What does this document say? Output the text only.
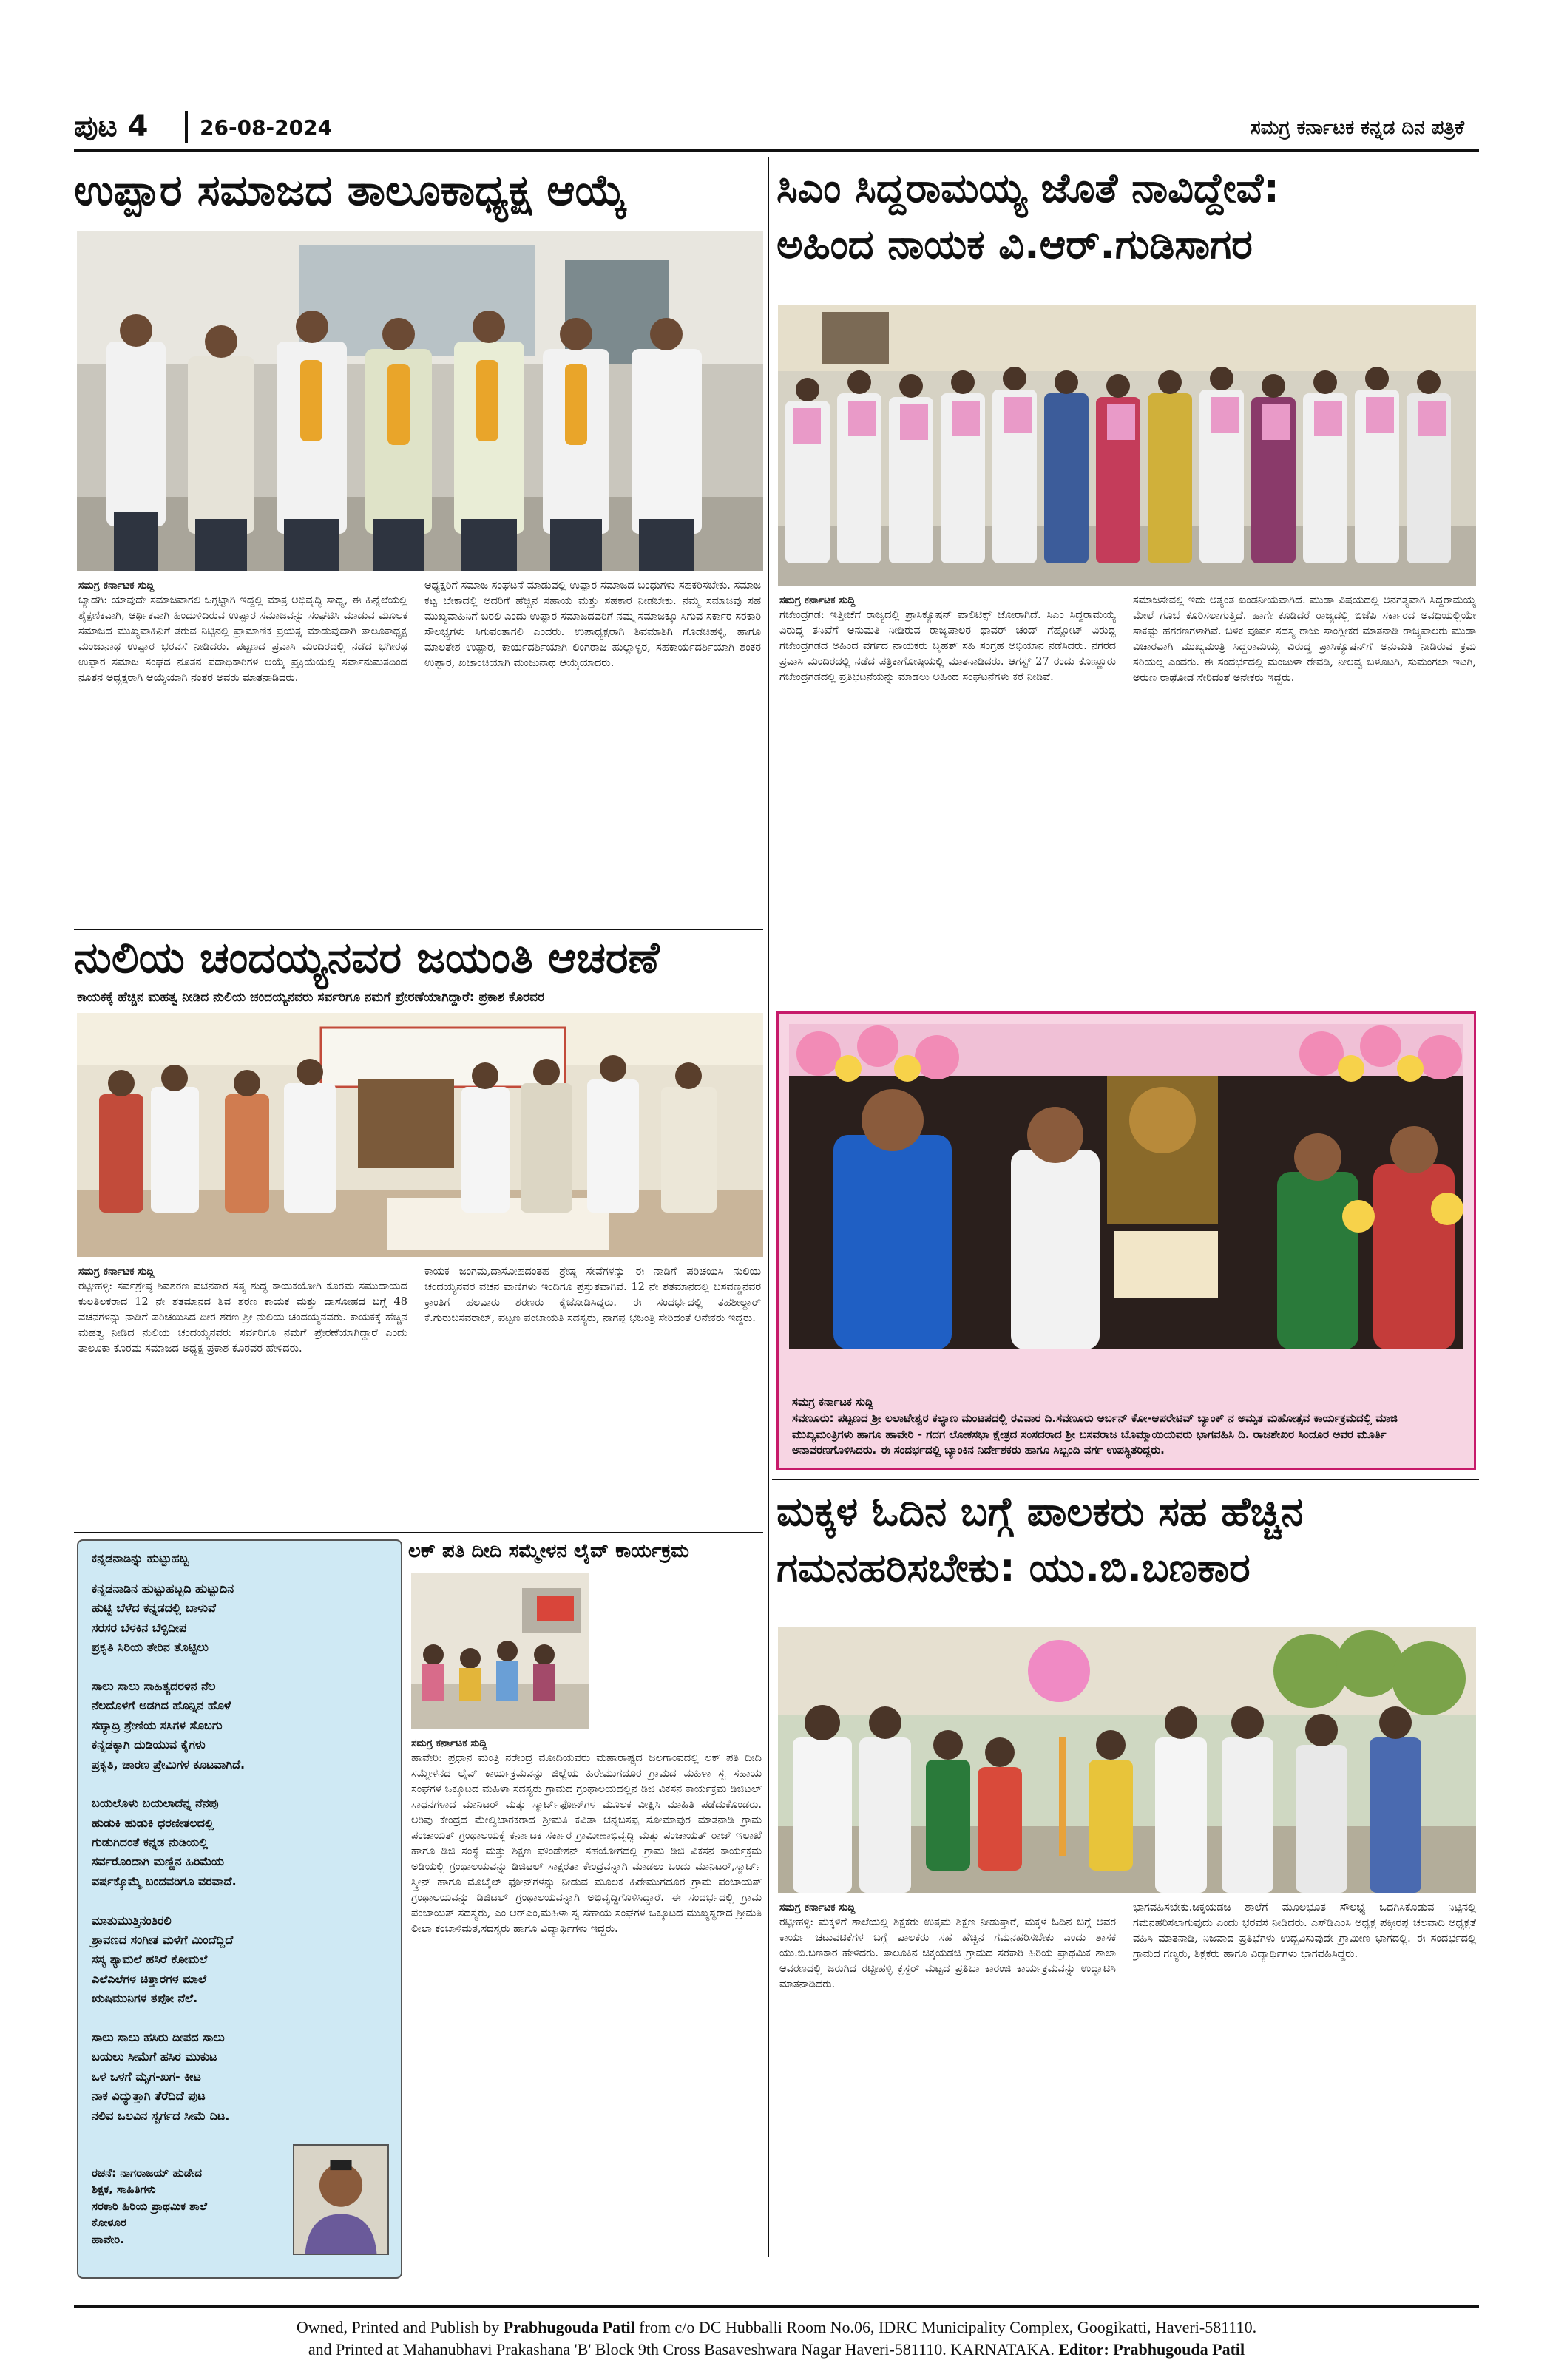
ಪುಟ 4 26-08-2024	ಸಮಗ್ರ ಕರ್ನಾಟಕ ಕನ್ನಡ ದಿನ ಪತ್ರಿಕೆ
ಉಪ್ಪಾರ ಸಮಾಜದ ತಾಲೂಕಾಧ್ಯಕ್ಷ ಆಯ್ಕೆ
ಸಮಗ್ರ ಕರ್ನಾಟಕ ಸುದ್ದಿ

ಬ್ಯಾಡಗಿ: ಯಾವುದೇ ಸಮಾಜವಾಗಲಿ ಒಗ್ಗಟ್ಟಾಗಿ ಇದ್ದಲ್ಲಿ ಮಾತ್ರ ಅಭಿವೃದ್ಧಿ ಸಾಧ್ಯ, ಈ ಹಿನ್ನೆಲೆಯಲ್ಲಿ ಶೈಕ್ಷಣಿಕವಾಗಿ, ಆರ್ಥಿಕವಾಗಿ ಹಿಂದುಳಿದಿರುವ ಉಪ್ಪಾರ ಸಮಾಜವನ್ನು ಸಂಘಟಿಸಿ ಮಾಡುವ ಮೂಲಕ ಸಮಾಜದ ಮುಖ್ಯವಾಹಿನಿಗೆ ತರುವ ನಿಟ್ಟಿನಲ್ಲಿ ಪ್ರಾಮಾಣಿಕ ಪ್ರಯತ್ನ ಮಾಡುವುದಾಗಿ ತಾಲೂಕಾಧ್ಯಕ್ಷ ಮಂಜುನಾಥ ಉಪ್ಪಾರ ಭರವಸೆ ನೀಡಿದರು. ಪಟ್ಟಣದ ಪ್ರವಾಸಿ ಮಂದಿರದಲ್ಲಿ ನಡೆದ ಭಗೀರಥ ಉಪ್ಪಾರ ಸಮಾಜ ಸಂಘದ ನೂತನ ಪದಾಧಿಕಾರಿಗಳ ಆಯ್ಕೆ ಪ್ರಕ್ರಿಯೆಯಲ್ಲಿ ಸರ್ವಾನುಮತದಿಂದ ನೂತನ ಅಧ್ಯಕ್ಷರಾಗಿ ಆಯ್ಕೆಯಾಗಿ ನಂತರ ಅವರು ಮಾತನಾಡಿದರು.

ಅಧ್ಯಕ್ಷರಿಗೆ ಸಮಾಜ ಸಂಘಟನೆ ಮಾಡುವಲ್ಲಿ ಉಪ್ಪಾರ ಸಮಾಜದ ಬಂಧುಗಳು ಸಹಕರಿಸಬೇಕು. ಸಮಾಜ ಕಟ್ಟ ಬೇಕಾದಲ್ಲಿ ಅದರಿಗೆ ಹೆಚ್ಚಿನ ಸಹಾಯ ಮತ್ತು ಸಹಕಾರ ನೀಡಬೇಕು. ನಮ್ಮ ಸಮಾಜವು ಸಹ ಮುಖ್ಯವಾಹಿನಿಗೆ ಬರಲಿ ಎಂದು ಉಪ್ಪಾರ ಸಮಾಜದವರಿಗೆ ನಮ್ಮ ಸಮಾಜಕ್ಕೂ ಸಿಗುವ ಸರ್ಕಾರ ಸರಕಾರಿ ಸೌಲಭ್ಯಗಳು ಸಿಗುವಂತಾಗಲಿ ಎಂದರು. ಉಪಾಧ್ಯಕ್ಷರಾಗಿ ಶಿವಮಾಶಿಗಿ ಗೊಡಚಿಹಳ್ಳಿ, ಹಾಗೂ ಮಾಲತೇಶ ಉಪ್ಪಾರ, ಕಾರ್ಯದರ್ಶಿಯಾಗಿ ಲಿಂಗರಾಜ ಹುಲ್ಲಾಳ್ಳರ, ಸಹಕಾರ್ಯದರ್ಶಿಯಾಗಿ ಶಂಕರ ಉಪ್ಪಾರ, ಖಜಾಂಚಿಯಾಗಿ ಮಂಜುನಾಥ ಆಯ್ಕೆಯಾದರು.

ನುಲಿಯ ಚಂದಯ್ಯನವರ ಜಯಂತಿ ಆಚರಣೆ
ಕಾಯಕಕ್ಕೆ ಹೆಚ್ಚಿನ ಮಹತ್ವ ನೀಡಿದ ನುಲಿಯ ಚಂದಯ್ಯನವರು ಸರ್ವರಿಗೂ ನಮಗೆ ಪ್ರೇರಣೆಯಾಗಿದ್ದಾರೆ: ಪ್ರಕಾಶ ಕೊರವರ
ಸಮಗ್ರ ಕರ್ನಾಟಕ ಸುದ್ದಿ

ರಟ್ಟೀಹಳ್ಳಿ: ಸರ್ವಶ್ರೇಷ್ಠ ಶಿವಶರಣ ವಚನಕಾರ ಸತ್ಯ ಶುದ್ಧ ಕಾಯಕಯೋಗಿ ಕೊರಮ ಸಮುದಾಯದ ಕುಲತಿಲಕರಾದ 12 ನೇ ಶತಮಾನದ ಶಿವ ಶರಣ ಕಾಯಕ ಮತ್ತು ದಾಸೋಹದ ಬಗ್ಗೆ 48 ವಚನಗಳನ್ನು ನಾಡಿಗೆ ಪರಿಚಯಿಸಿದ ದೀರ ಶರಣ ಶ್ರೀ ನುಲಿಯ ಚಂದಯ್ಯನವರು. ಕಾಯಕಕ್ಕೆ ಹೆಚ್ಚಿನ ಮಹತ್ವ ನೀಡಿದ ನುಲಿಯ ಚಂದಯ್ಯನವರು ಸರ್ವರಿಗೂ ನಮಗೆ ಪ್ರೇರಣೆಯಾಗಿದ್ದಾರೆ ಎಂದು ತಾಲೂಕಾ ಕೊರಮ ಸಮಾಜದ ಅಧ್ಯಕ್ಷ ಪ್ರಕಾಶ ಕೊರವರ ಹೇಳಿದರು.

ಕಾಯಕ ಜಂಗಮ,ದಾಸೋಹದಂತಹ ಶ್ರೇಷ್ಠ ಸೇವೆಗಳನ್ನು ಈ ನಾಡಿಗೆ ಪರಿಚಯಿಸಿ ನುಲಿಯ ಚಂದಯ್ಯನವರ ವಚನ ವಾಣಿಗಳು ಇಂದಿಗೂ ಪ್ರಸ್ತುತವಾಗಿವೆ. 12 ನೇ ಶತಮಾನದಲ್ಲಿ ಬಸವಣ್ಣನವರ ಕ್ರಾಂತಿಗೆ ಹಲವಾರು ಶರಣರು ಕೈಜೋಡಿಸಿದ್ದರು. ಈ ಸಂದರ್ಭದಲ್ಲಿ ತಹಶೀಲ್ದಾರ್ ಕೆ.ಗುರುಬಸವರಾಜ್, ಪಟ್ಟಣ ಪಂಚಾಯತಿ ಸದಸ್ಯರು, ನಾಗಪ್ಪ ಭಜಂತ್ರಿ ಸೇರಿದಂತೆ ಅನೇಕರು ಇದ್ದರು.

ಕನ್ನಡನಾಡಿನ್ನು ಹುಟ್ಟುಹಬ್ಬ
ಕನ್ನಡನಾಡಿನ ಹುಟ್ಟುಹಬ್ಬದಿ ಹುಟ್ಟುದಿನ
ಹುಟ್ಟಿ ಬೆಳೆದ ಕನ್ನಡದಲ್ಲಿ ಬಾಳುವೆ
ಸರಸರ ಬೆಳಕಿನ ಬೆಳ್ಳಿದೀಪ
ಪ್ರಕೃತಿ ಸಿರಿಯ ತೇರಿನ ತೊಟ್ಟಿಲು

ಸಾಲು ಸಾಲು ಸಾಹಿತ್ಯದರಳಿನ ನೆಲ
ನೆಲದೊಳಗೆ ಅಡಗಿದ ಹೊನ್ನಿನ ಹೊಳೆ
ಸಹ್ಯಾದ್ರಿ ಶ್ರೇಣಿಯ ಸಸಿಗಳ ಸೊಬಗು
ಕನ್ನಡಕ್ಕಾಗಿ ದುಡಿಯುವ ಕೈಗಳು
ಪ್ರಕೃತಿ, ಚಾರಣ ಪ್ರೇಮಿಗಳ ಕೂಟವಾಗಿದೆ.

ಬಯಲೊಳು ಬಯಲಾದೆನ್ನ ನೆನಪು
ಹುಡುಕಿ ಹುಡುಕಿ ಧರಣೀತಲದಲ್ಲಿ
ಗುಡುಗಿದಂತೆ ಕನ್ನಡ ನುಡಿಯಲ್ಲಿ
ಸರ್ವರೊಂದಾಗಿ ಮಣ್ಣಿನ ಹಿರಿಮೆಯ
ವರ್ಷಕ್ಕೊಮ್ಮೆ ಬಂದವರಿಗೂ ವರವಾದೆ.

ಮಾತುಮುತ್ತಿನಂತಿರಲಿ
ಶ್ರಾವಣದ ಸಂಗೀತ ಮಳೆಗೆ ಮಿಂದೆದ್ದಿದೆ
ಸಸ್ಯ ಶ್ಯಾಮಲೆ ಹಸಿರೆ ಕೋಮಲೆ
ಎಲೆಎಲೆಗಳ ಚಿತ್ತಾರಗಳ ಮಾಲೆ
ಋಷಿಮುನಿಗಳ ತಪೋ ನೆಲೆ.

ಸಾಲು ಸಾಲು ಹಸಿರು ದೀಪದ ಸಾಲು
ಬಯಲು ಸೀಮೆಗೆ ಹಸಿರ ಮುಕುಟ
ಒಳ ಒಳಗೆ ಮೃಗ-ಖಗ- ಕೀಟ
ನಾಕ ವಿದ್ಯುತ್ತಾಗಿ ತೆರೆದಿದೆ ಪುಟ
ನಲಿವ ಒಲವಿನ ಸ್ವರ್ಗದ ಸೀಮೆ ದಿಟ.
ರಚನೆ: ನಾಗರಾಜಯ್ ಹುಡೇದ
ಶಿಕ್ಷಕ, ಸಾಹಿತಿಗಳು
ಸರಕಾರಿ ಹಿರಿಯ ಪ್ರಾಥಮಿಕ ಶಾಲೆ
ಕೋಳೂರ
ಹಾವೇರಿ.
ಲಕ್ ಪತಿ ದೀದಿ ಸಮ್ಮೇಳನ ಲೈವ್ ಕಾರ್ಯಕ್ರಮ
ಸಮಗ್ರ ಕರ್ನಾಟಕ ಸುದ್ದಿ

ಹಾವೇರಿ: ಪ್ರಧಾನ ಮಂತ್ರಿ ನರೇಂದ್ರ ಮೋದಿಯವರು ಮಹಾರಾಷ್ಟ್ರದ ಜಲಗಾಂವದಲ್ಲಿ ಲಕ್ ಪತಿ ದೀದಿ ಸಮ್ಮೇಳನದ ಲೈವ್ ಕಾರ್ಯಕ್ರಮವನ್ನು ಜಿಲ್ಲೆಯ ಹಿರೇಮುಗದೂರ ಗ್ರಾಮದ ಮಹಿಳಾ ಸ್ವ ಸಹಾಯ ಸಂಘಗಳ ಒಕ್ಕೂಟದ ಮಹಿಳಾ ಸದಸ್ಯರು ಗ್ರಾಮದ ಗ್ರಂಥಾಲಯದಲ್ಲಿನ ಡಿಜಿ ವಿಕಸನ ಕಾರ್ಯಕ್ರಮ ಡಿಜಿಟಲ್ ಸಾಧನಗಳಾದ ಮಾನಿಟರ್ ಮತ್ತು ಸ್ಮಾರ್ಟ್‌ಫೋನ್‌ಗಳ ಮೂಲಕ ವೀಕ್ಷಿಸಿ ಮಾಹಿತಿ ಪಡೆದುಕೊಂಡರು. ಅರಿವು ಕೇಂದ್ರದ ಮೇಲ್ವಿಚಾರಕರಾದ ಶ್ರೀಮತಿ ಕವಿತಾ ಚನ್ನಬಸಪ್ಪ ಸೋಮಾಪುರ ಮಾತನಾಡಿ ಗ್ರಾಮ ಪಂಚಾಯತ್ ಗ್ರಂಥಾಲಯಕ್ಕೆ ಕರ್ನಾಟಕ ಸರ್ಕಾರ ಗ್ರಾಮೀಣಾಭಿವೃದ್ಧಿ ಮತ್ತು ಪಂಚಾಯತ್ ರಾಜ್ ಇಲಾಖೆ ಹಾಗೂ ಡಿಜಿ ಸಂಸ್ಥೆ ಮತ್ತು ಶಿಕ್ಷಣ ಫೌಂಡೇಶನ್ ಸಹಯೋಗದಲ್ಲಿ ಗ್ರಾಮ ಡಿಜಿ ವಿಕಸನ ಕಾರ್ಯಕ್ರಮ ಅಡಿಯಲ್ಲಿ ಗ್ರಂಥಾಲಯವನ್ನು ಡಿಜಿಟಲ್ ಸಾಕ್ಷರತಾ ಕೇಂದ್ರವನ್ನಾಗಿ ಮಾಡಲು ಒಂದು ಮಾನಿಟರ್,ಸ್ಮಾರ್ಟ್ ಸ್ಕ್ರೀನ್ ಹಾಗೂ ಮೊಬೈಲ್ ಫೋನ್‌ಗಳನ್ನು ನೀಡುವ ಮೂಲಕ ಹಿರೇಮುಗದೂರ ಗ್ರಾಮ ಪಂಚಾಯತ್ ಗ್ರಂಥಾಲಯವನ್ನು ಡಿಜಿಟಲ್ ಗ್ರಂಥಾಲಯವನ್ನಾಗಿ ಅಭಿವೃದ್ಧಿಗೊಳಿಸಿದ್ದಾರೆ. ಈ ಸಂದರ್ಭದಲ್ಲಿ ಗ್ರಾಮ ಪಂಚಾಯತ್ ಸದಸ್ಯರು, ಎಂ ಆರ್‌ಎಂ,ಮಹಿಳಾ ಸ್ವ ಸಹಾಯ ಸಂಘಗಳ ಒಕ್ಕೂಟದ ಮುಖ್ಯಸ್ಥರಾದ ಶ್ರೀಮತಿ ಲೀಲಾ ಕಂಬಾಳಿಮಠ,ಸದಸ್ಯರು ಹಾಗೂ ವಿದ್ಯಾರ್ಥಿಗಳು ಇದ್ದರು.

ಸಿಎಂ ಸಿದ್ದರಾಮಯ್ಯ ಜೊತೆ ನಾವಿದ್ದೇವೆ:
ಅಹಿಂದ ನಾಯಕ ವಿ.ಆರ್.ಗುಡಿಸಾಗರ
ಸಮಗ್ರ ಕರ್ನಾಟಕ ಸುದ್ದಿ

ಗಜೇಂದ್ರಗಡ: ಇತ್ತೀಚೆಗೆ ರಾಜ್ಯದಲ್ಲಿ ಪ್ರಾಸಿಕ್ಯೂಷನ್ ಪಾಲಿಟಿಕ್ಸ್ ಜೋರಾಗಿದೆ. ಸಿಎಂ ಸಿದ್ದರಾಮಯ್ಯ ವಿರುದ್ಧ ತನಿಖೆಗೆ ಅನುಮತಿ ನೀಡಿರುವ ರಾಜ್ಯಪಾಲರ ಥಾವರ್ ಚಂದ್ ಗೆಹ್ಲೋಟ್ ವಿರುದ್ಧ ಗಜೇಂದ್ರಗಡದ ಅಹಿಂದ ವರ್ಗದ ನಾಯಕರು ಬೃಹತ್ ಸಹಿ ಸಂಗ್ರಹ ಅಭಿಯಾನ ನಡೆಸಿದರು. ನಗರದ ಪ್ರವಾಸಿ ಮಂದಿರದಲ್ಲಿ ನಡೆದ ಪತ್ರಿಕಾಗೋಷ್ಠಿಯಲ್ಲಿ ಮಾತನಾಡಿದರು. ಆಗಸ್ಟ್ 27 ರಂದು ಕೊಣ್ಣೂರು ಗಜೇಂದ್ರಗಡದಲ್ಲಿ ಪ್ರತಿಭಟನೆಯನ್ನು ಮಾಡಲು ಅಹಿಂದ ಸಂಘಟನೆಗಳು ಕರೆ ನೀಡಿವೆ.

ಸಮಾಜಸೇವಲ್ಲಿ ಇದು ಅತ್ಯಂತ ಖಂಡನೀಯವಾಗಿದೆ. ಮುಡಾ ವಿಷಯದಲ್ಲಿ ಅನಗತ್ಯವಾಗಿ ಸಿದ್ದರಾಮಯ್ಯ ಮೇಲೆ ಗೂಬೆ ಕೂರಿಸಲಾಗುತ್ತಿದೆ. ಹಾಗೇ ಕೂಡಿದರೆ ರಾಜ್ಯದಲ್ಲಿ ಬಿಜೆಪಿ ಸರ್ಕಾರದ ಅವಧಿಯಲ್ಲಿಯೇ ಸಾಕಷ್ಟು ಹಗರಣಗಳಾಗಿವೆ. ಬಳಿಕ ಪೂರ್ವ ಸದಸ್ಯ ರಾಜು ಸಾಂಗ್ಲೀಕರ ಮಾತನಾಡಿ ರಾಜ್ಯಪಾಲರು ಮುಡಾ ವಿಚಾರವಾಗಿ ಮುಖ್ಯಮಂತ್ರಿ ಸಿದ್ದರಾಮಯ್ಯ ವಿರುದ್ಧ ಪ್ರಾಸಿಕ್ಯೂಷನ್‌ಗೆ ಅನುಮತಿ ನೀಡಿರುವ ಕ್ರಮ ಸರಿಯಲ್ಲ ಎಂದರು. ಈ ಸಂದರ್ಭದಲ್ಲಿ ಮಂಜುಳಾ ರೇವಡಿ, ನೀಲವ್ವ ಬಳೂಟಗಿ, ಸುಮಂಗಲಾ ಇಟಗಿ, ಅರುಣ ರಾಥೋಡ ಸೇರಿದಂತೆ ಅನೇಕರು ಇದ್ದರು.

ಸಮಗ್ರ ಕರ್ನಾಟಕ ಸುದ್ದಿ
ಸವಣೂರು: ಪಟ್ಟಣದ ಶ್ರೀ ಲಲಾಟೇಶ್ವರ ಕಲ್ಯಾಣ ಮಂಟಪದಲ್ಲಿ ರವಿವಾರ ದಿ.ಸವಣೂರು ಅರ್ಬನ್ ಕೋ-ಆಪರೇಟಿವ್ ಬ್ಯಾಂಕ್ ನ ಅಮೃತ ಮಹೋತ್ಸವ ಕಾರ್ಯಕ್ರಮದಲ್ಲಿ ಮಾಜಿ ಮುಖ್ಯಮಂತ್ರಿಗಳು ಹಾಗೂ ಹಾವೇರಿ - ಗದಗ ಲೋಕಸಭಾ ಕ್ಷೇತ್ರದ ಸಂಸದರಾದ ಶ್ರೀ ಬಸವರಾಜ ಬೊಮ್ಮಾಯಿಯವರು ಭಾಗವಹಿಸಿ ದಿ. ರಾಜಶೇಖರ ಸಿಂದೂರ ಅವರ ಮೂರ್ತಿ ಅನಾವರಣಗೊಳಿಸಿದರು. ಈ ಸಂದರ್ಭದಲ್ಲಿ ಬ್ಯಾಂಕಿನ ನಿರ್ದೇಶಕರು ಹಾಗೂ ಸಿಬ್ಬಂದಿ ವರ್ಗ ಉಪಸ್ಥಿತರಿದ್ದರು.
ಮಕ್ಕಳ ಓದಿನ ಬಗ್ಗೆ ಪಾಲಕರು ಸಹ ಹೆಚ್ಚಿನ
ಗಮನಹರಿಸಬೇಕು: ಯು.ಬಿ.ಬಣಕಾರ
ಸಮಗ್ರ ಕರ್ನಾಟಕ ಸುದ್ದಿ

ರಟ್ಟೀಹಳ್ಳಿ: ಮಕ್ಕಳಿಗೆ ಶಾಲೆಯಲ್ಲಿ ಶಿಕ್ಷಕರು ಉತ್ತಮ ಶಿಕ್ಷಣ ನೀಡುತ್ತಾರೆ, ಮಕ್ಕಳ ಓದಿನ ಬಗ್ಗೆ ಅವರ ಕಾರ್ಯ ಚಟುವಟಿಕೆಗಳ ಬಗ್ಗೆ ಪಾಲಕರು ಸಹ ಹೆಚ್ಚಿನ ಗಮನಹರಿಸಬೇಕು ಎಂದು ಶಾಸಕ ಯು.ಬಿ.ಬಣಕಾರ ಹೇಳಿದರು. ತಾಲೂಕಿನ ಚಿಕ್ಕಯಡಚಿ ಗ್ರಾಮದ ಸರಕಾರಿ ಹಿರಿಯ ಪ್ರಾಥಮಿಕ ಶಾಲಾ ಆವರಣದಲ್ಲಿ ಜರುಗಿದ ರಟ್ಟೀಹಳ್ಳಿ ಕ್ಲಸ್ಟರ್ ಮಟ್ಟದ ಪ್ರತಿಭಾ ಕಾರಂಜಿ ಕಾರ್ಯಕ್ರಮವನ್ನು ಉದ್ಘಾಟಿಸಿ ಮಾತನಾಡಿದರು.

ಭಾಗವಹಿಸಬೇಕು.ಚಿಕ್ಕಯಡಚಿ ಶಾಲೆಗೆ ಮೂಲಭೂತ ಸೌಲಭ್ಯ ಒದಗಿಸಿಕೊಡುವ ನಿಟ್ಟಿನಲ್ಲಿ ಗಮನಹರಿಸಲಾಗುವುದು ಎಂದು ಭರವಸೆ ನೀಡಿದರು. ಎಸ್‌ಡಿಎಂಸಿ ಅಧ್ಯಕ್ಷ ಪಕ್ಕೀರಪ್ಪ ಚಲವಾದಿ ಅಧ್ಯಕ್ಷತೆ ವಹಿಸಿ ಮಾತನಾಡಿ, ನಿಜವಾದ ಪ್ರತಿಭೆಗಳು ಉದ್ಭವಿಸುವುದೇ ಗ್ರಾಮೀಣ ಭಾಗದಲ್ಲಿ. ಈ ಸಂದರ್ಭದಲ್ಲಿ ಗ್ರಾಮದ ಗಣ್ಯರು, ಶಿಕ್ಷಕರು ಹಾಗೂ ವಿದ್ಯಾರ್ಥಿಗಳು ಭಾಗವಹಿಸಿದ್ದರು.

Owned, Printed and Publish by Prabhugouda Patil from c/o DC Hubballi Room No.06, IDRC Municipality Complex, Googikatti, Haveri-581110.
and Printed at Mahanubhavi Prakashana 'B' Block 9th Cross Basaveshwara Nagar Haveri-581110. KARNATAKA. Editor: Prabhugouda Patil
